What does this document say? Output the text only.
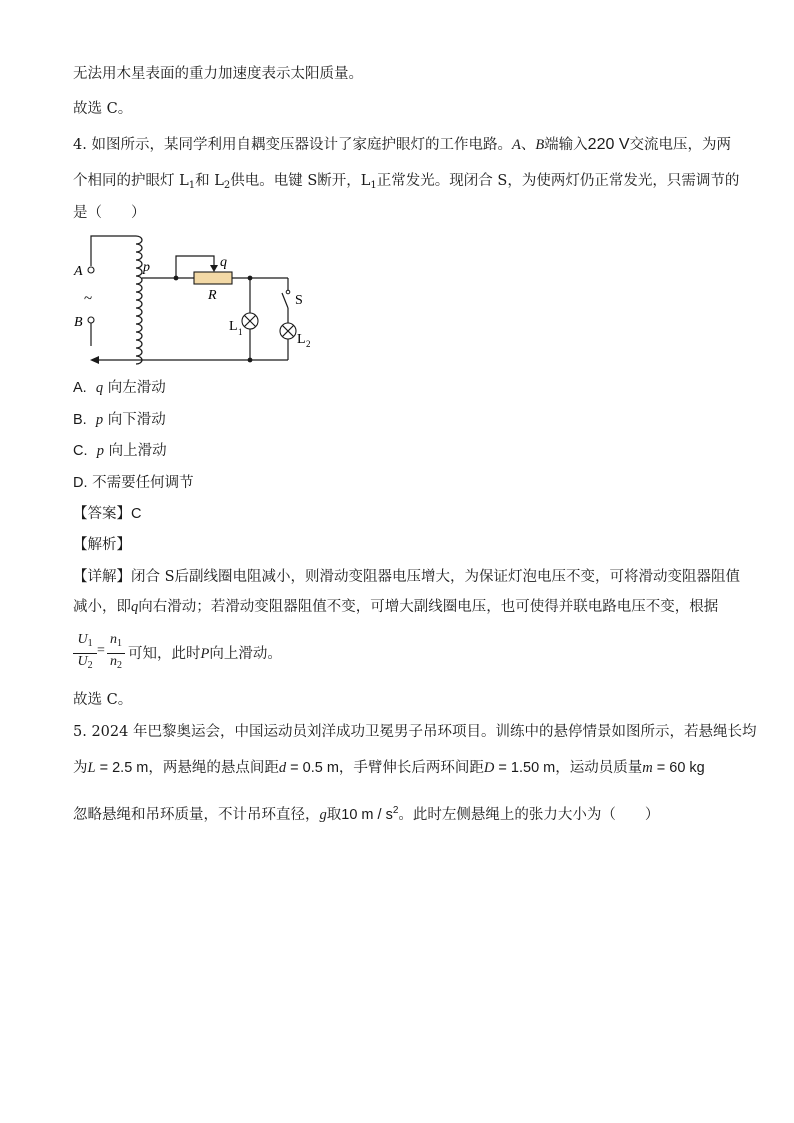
无法用木星表面的重力加速度表示太阳质量。
故选 C。
4. 如图所示，某同学利用自耦变压器设计了家庭护眼灯的工作电路。A、B端输入220 V交流电压，为两
个相同的护眼灯 $L_1$和 $L_2$供电。电键 S断开，$L_1$正常发光。现闭合 S，为使两灯仍正常发光，只需调节的
是（　　）
A
B
~
p	q
R	S
L 1	L 2
A. q 向左滑动
B. p 向下滑动
C. p 向上滑动
D. 不需要任何调节
【答案】C
【解析】
【详解】闭合 S后副线圈电阻减小，则滑动变阻器电压增大，为保证灯泡电压不变，可将滑动变阻器阻值
减小，即q向右滑动；若滑动变阻器阻值不变，可增大副线圈电压，也可使得并联电路电压不变，根据
$U_1$
$U_2$
=
$n_1$
$n_2$
可知，此时P向上滑动。
故选 C。
5. 2024 年巴黎奥运会，中国运动员刘洋成功卫冕男子吊环项目。训练中的悬停情景如图所示，若悬绳长均
为L = 2.5 m，两悬绳的悬点间距d = 0.5 m，手臂伸长后两环间距D = 1.50 m，运动员质量m = 60 kg
忽略悬绳和吊环质量，不计吊环直径，g取10 m / $s^2$。此时左侧悬绳上的张力大小为（　　）
